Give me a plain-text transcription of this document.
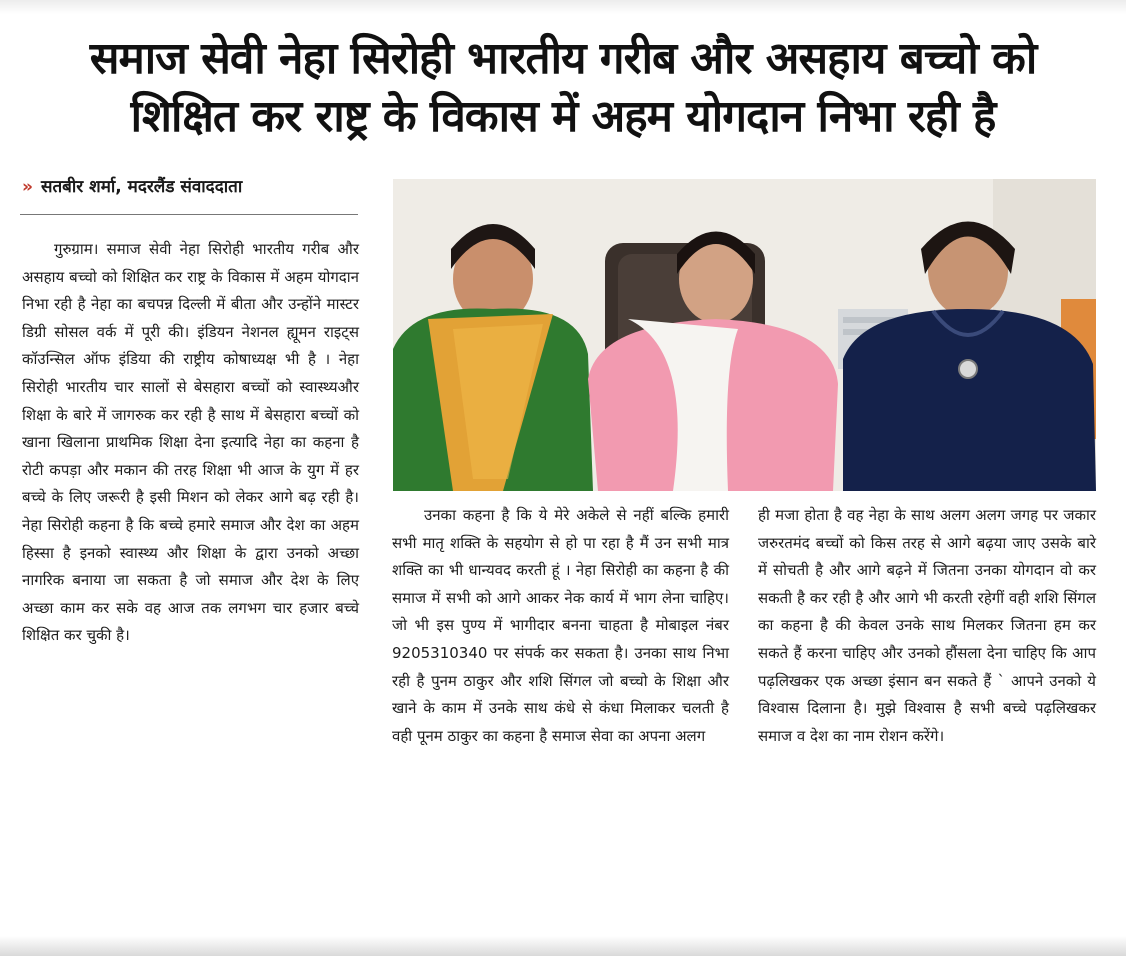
समाज सेवी नेहा सिरोही भारतीय गरीब और असहाय बच्चो को
शिक्षित कर राष्ट्र के विकास में अहम योगदान निभा रही है
» सतबीर शर्मा, मदरलैंड संवाददाता

गुरुग्राम। समाज सेवी नेहा सिरोही भारतीय गरीब और असहाय बच्चो को शिक्षित कर राष्ट्र के विकास में अहम योगदान निभा रही है नेहा का बचपन्न दिल्ली में बीता और उन्होंने मास्टर डिग्री सोसल वर्क में पूरी की। इंडियन नेशनल ह्यूमन राइट्स कॉउन्सिल ऑफ इंडिया की राष्ट्रीय कोषाध्यक्ष भी है । नेहा सिरोही भारतीय चार सालों से बेसहारा बच्चों को स्वास्थ्यऔर शिक्षा के बारे में जागरुक कर रही है साथ में बेसहारा बच्चों को खाना खिलाना प्राथमिक शिक्षा देना इत्यादि नेहा का कहना है रोटी कपड़ा और मकान की तरह शिक्षा भी आज के युग में हर बच्चे के लिए जरूरी है इसी मिशन को लेकर आगे बढ़ रही है। नेहा सिरोही कहना है कि बच्चे हमारे समाज और देश का अहम हिस्सा है इनको स्वास्थ्य और शिक्षा के द्वारा उनको अच्छा नागरिक बनाया जा सकता है जो समाज और देश के लिए अच्छा काम कर सके वह आज तक लगभग चार हजार बच्चे शिक्षित कर चुकी है।

उनका कहना है कि ये मेरे अकेले से नहीं बल्कि हमारी सभी मातृ शक्ति के सहयोग से हो पा रहा है मैं उन सभी मात्र शक्ति का भी धान्यवद करती हूं । नेहा सिरोही का कहना है की समाज में सभी को आगे आकर नेक कार्य में भाग लेना चाहिए। जो भी इस पुण्य में भागीदार बनना चाहता है मोबाइल नंबर 9205310340 पर संपर्क कर सकता है। उनका साथ निभा रही है पुनम ठाकुर और शशि सिंगल जो बच्चो के शिक्षा और खाने के काम में उनके साथ कंधे से कंधा मिलाकर चलती है वही पूनम ठाकुर का कहना है समाज सेवा का अपना अलग

ही मजा होता है वह नेहा के साथ अलग अलग जगह पर जकार जरुरतमंद बच्चों को किस तरह से आगे बढ़या जाए उसके बारे में सोचती है और आगे बढ़ने में जितना उनका योगदान वो कर सकती है कर रही है और आगे भी करती रहेगीं वही शशि सिंगल का कहना है की केवल उनके साथ मिलकर जितना हम कर सकते हैं करना चाहिए और उनको हौंसला देना चाहिए कि आप पढ़लिखकर एक अच्छा इंसान बन सकते हैं ` आपने उनको ये विश्वास दिलाना है। मुझे विश्वास है सभी बच्चे पढ़लिखकर समाज व देश का नाम रोशन करेंगे।
